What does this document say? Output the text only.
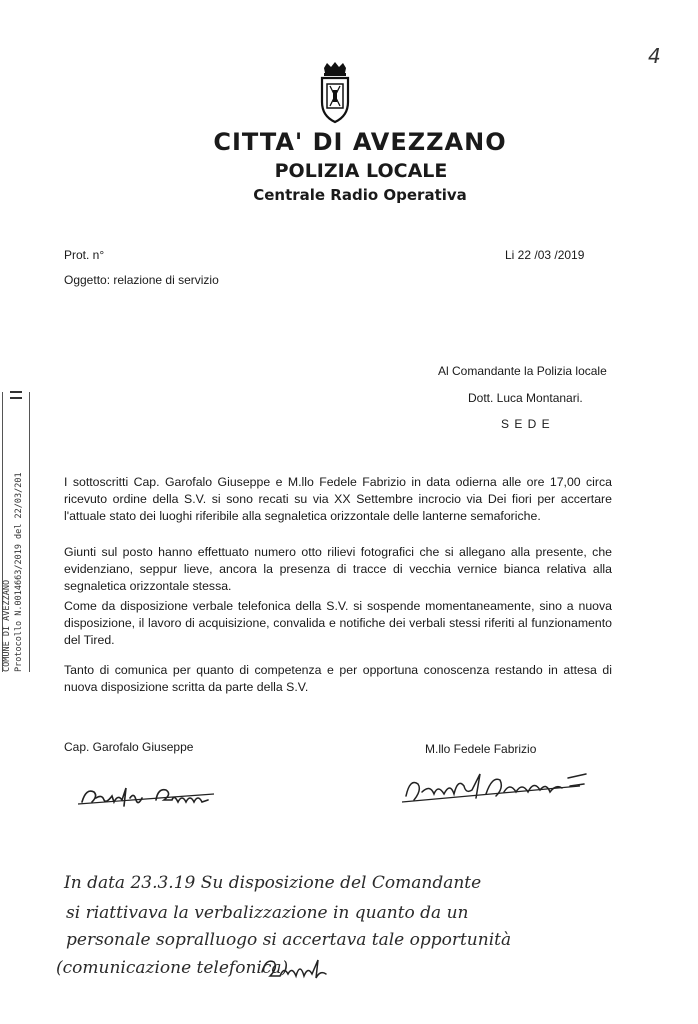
4
CITTA' DI AVEZZANO
POLIZIA LOCALE
Centrale Radio Operativa
Prot. n°	Li 22 /03 /2019
Oggetto: relazione di servizio
Al Comandante la Polizia locale
Dott. Luca Montanari.
S E D E
COMUNE DI AVEZZANO Protocollo N.0014663/2019 del 22/03/201	I sottoscritti Cap. Garofalo Giuseppe e M.llo Fedele Fabrizio in data odierna alle ore 17,00 circa ricevuto ordine della S.V. si sono recati su via XX Settembre incrocio via Dei fiori per accertare l'attuale stato dei luoghi riferibile alla segnaletica orizzontale delle lanterne semaforiche.
Giunti sul posto hanno effettuato numero otto rilievi fotografici che si allegano alla presente, che evidenziano, seppur lieve, ancora la presenza di tracce di vecchia vernice bianca relativa alla segnaletica orizzontale stessa.
Come da disposizione verbale telefonica della S.V. si sospende momentaneamente, sino a nuova disposizione, il lavoro di acquisizione, convalida e notifiche dei verbali stessi riferiti al funzionamento del Tired.
Tanto di comunica per quanto di competenza e per opportuna conoscenza restando in attesa di nuova disposizione scritta da parte della S.V.
Cap. Garofalo Giuseppe	M.llo Fedele Fabrizio
In data 23.3.19 Su disposizione del Comandante
si riattivava la verbalizzazione in quanto da un
personale sopralluogo si accertava tale opportunità
(comunicazione telefonica)
